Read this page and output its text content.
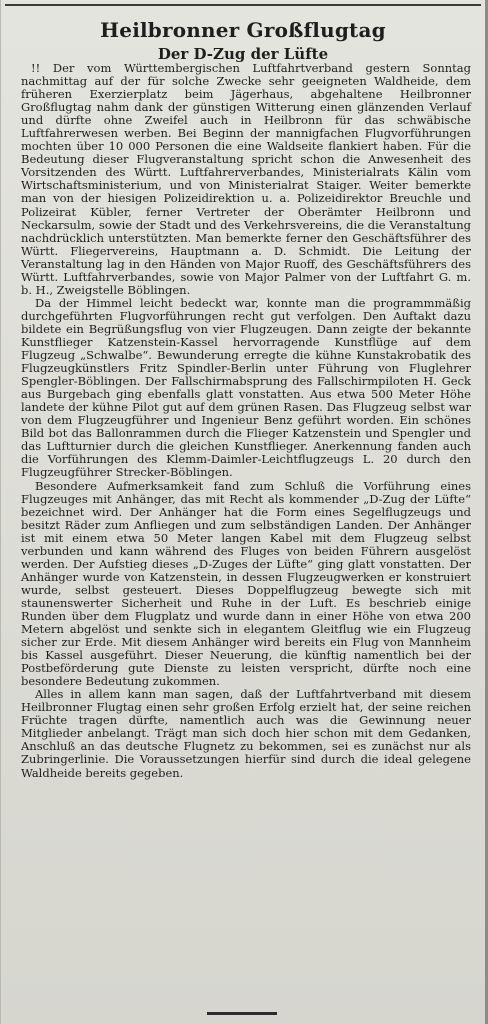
Heilbronner Großflugtag
Der D-Zug der Lüfte

!! Der vom Württembergischen Luftfahrtverband gestern Sonntag nachmittag auf der für solche Zwecke sehr geeigneten Waldheide, dem früheren Exerzierplatz beim Jägerhaus, abgehaltene Heilbronner Großflugtag nahm dank der günstigen Witterung einen glänzenden Verlauf und dürfte ohne Zweifel auch in Heilbronn für das schwäbische Luftfahrerwesen werben. Bei Beginn der mannigfachen Flugvorführungen mochten über 10 000 Personen die eine Waldseite flankiert haben. Für die Bedeutung dieser Flugveranstaltung spricht schon die Anwesenheit des Vorsitzenden des Württ. Luftfahrerverbandes, Ministerialrats Kälin vom Wirtschaftsministerium, und von Ministerialrat Staiger. Weiter bemerkte man von der hiesigen Polizeidirektion u. a. Polizeidirektor Breuchle und Polizeirat Kübler, ferner Vertreter der Oberämter Heilbronn und Neckarsulm, sowie der Stadt und des Verkehrsvereins, die die Veranstaltung nachdrücklich unterstützten. Man bemerkte ferner den Geschäftsführer des Württ. Fliegervereins, Hauptmann a. D. Schmidt. Die Leitung der Veranstaltung lag in den Händen von Major Ruoff, des Geschäftsführers des Württ. Luftfahrverbandes, sowie von Major Palmer von der Luftfahrt G. m. b. H., Zweigstelle Böblingen.

Da der Himmel leicht bedeckt war, konnte man die programmmäßig durchgeführten Flugvorführungen recht gut verfolgen. Den Auftakt dazu bildete ein Begrüßungsflug von vier Flugzeugen. Dann zeigte der bekannte Kunstflieger Katzenstein-Kassel hervorragende Kunstflüge auf dem Flugzeug „Schwalbe“. Bewunderung erregte die kühne Kunstakrobatik des Flugzeugkünstlers Fritz Spindler-Berlin unter Führung von Fluglehrer Spengler-Böblingen. Der Fallschirmabsprung des Fallschirmpiloten H. Geck aus Burgebach ging ebenfalls glatt vonstatten. Aus etwa 500 Meter Höhe landete der kühne Pilot gut auf dem grünen Rasen. Das Flugzeug selbst war von dem Flugzeugführer und Ingenieur Benz geführt worden. Ein schönes Bild bot das Ballonrammen durch die Flieger Katzenstein und Spengler und das Luftturnier durch die gleichen Kunstflieger. Anerkennung fanden auch die Vorführungen des Klemm-Daimler-Leichtflugzeugs L. 20 durch den Flugzeugführer Strecker-Böblingen.

Besondere Aufmerksamkeit fand zum Schluß die Vorführung eines Flugzeuges mit Anhänger, das mit Recht als kommender „D-Zug der Lüfte“ bezeichnet wird. Der Anhänger hat die Form eines Segelflugzeugs und besitzt Räder zum Anfliegen und zum selbständigen Landen. Der Anhänger ist mit einem etwa 50 Meter langen Kabel mit dem Flugzeug selbst verbunden und kann während des Fluges von beiden Führern ausgelöst werden. Der Aufstieg dieses „D-Zuges der Lüfte“ ging glatt vonstatten. Der Anhänger wurde von Katzenstein, in dessen Flugzeugwerken er konstruiert wurde, selbst gesteuert. Dieses Doppelflugzeug bewegte sich mit staunenswerter Sicherheit und Ruhe in der Luft. Es beschrieb einige Runden über dem Flugplatz und wurde dann in einer Höhe von etwa 200 Metern abgelöst und senkte sich in elegantem Gleitflug wie ein Flugzeug sicher zur Erde. Mit diesem Anhänger wird bereits ein Flug von Mannheim bis Kassel ausgeführt. Dieser Neuerung, die künftig namentlich bei der Postbeförderung gute Dienste zu leisten verspricht, dürfte noch eine besondere Bedeutung zukommen.

Alles in allem kann man sagen, daß der Luftfahrtverband mit diesem Heilbronner Flugtag einen sehr großen Erfolg erzielt hat, der seine reichen Früchte tragen dürfte, namentlich auch was die Gewinnung neuer Mitglieder anbelangt. Trägt man sich doch hier schon mit dem Gedanken, Anschluß an das deutsche Flugnetz zu bekommen, sei es zunächst nur als Zubringerlinie. Die Voraussetzungen hierfür sind durch die ideal gelegene Waldheide bereits gegeben.
